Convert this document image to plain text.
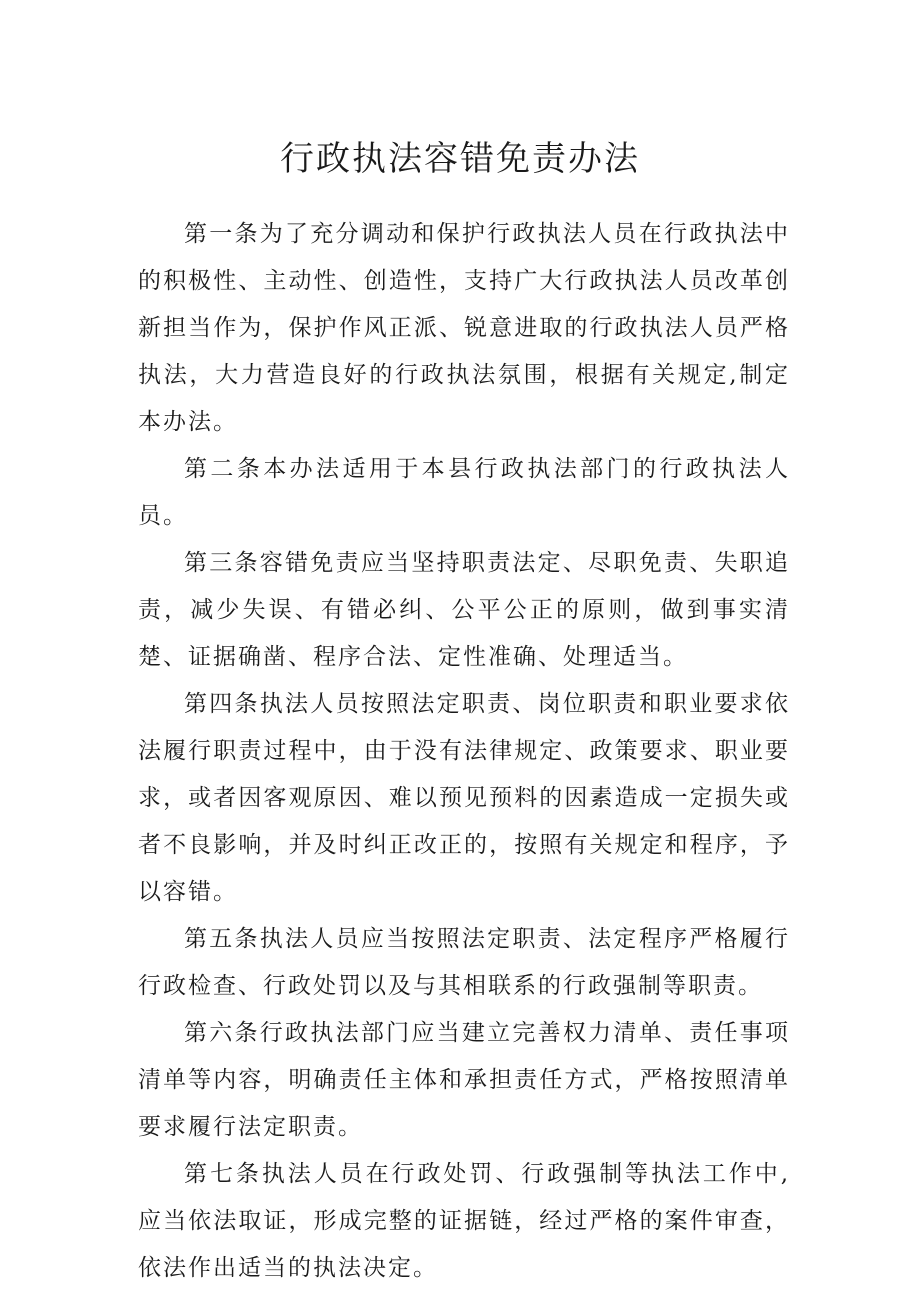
行政执法容错免责办法

第一条为了充分调动和保护行政执法人员在行政执法中的积极性、主动性、创造性，支持广大行政执法人员改革创新担当作为，保护作风正派、锐意进取的行政执法人员严格执法，大力营造良好的行政执法氛围，根据有关规定,制定本办法。

第二条本办法适用于本县行政执法部门的行政执法人员。

第三条容错免责应当坚持职责法定、尽职免责、失职追责，减少失误、有错必纠、公平公正的原则，做到事实清楚、证据确凿、程序合法、定性准确、处理适当。

第四条执法人员按照法定职责、岗位职责和职业要求依法履行职责过程中，由于没有法律规定、政策要求、职业要求，或者因客观原因、难以预见预料的因素造成一定损失或者不良影响，并及时纠正改正的，按照有关规定和程序，予以容错。

第五条执法人员应当按照法定职责、法定程序严格履行行政检查、行政处罚以及与其相联系的行政强制等职责。

第六条行政执法部门应当建立完善权力清单、责任事项清单等内容，明确责任主体和承担责任方式，严格按照清单要求履行法定职责。

第七条执法人员在行政处罚、行政强制等执法工作中,应当依法取证，形成完整的证据链，经过严格的案件审查，依法作出适当的执法决定。
